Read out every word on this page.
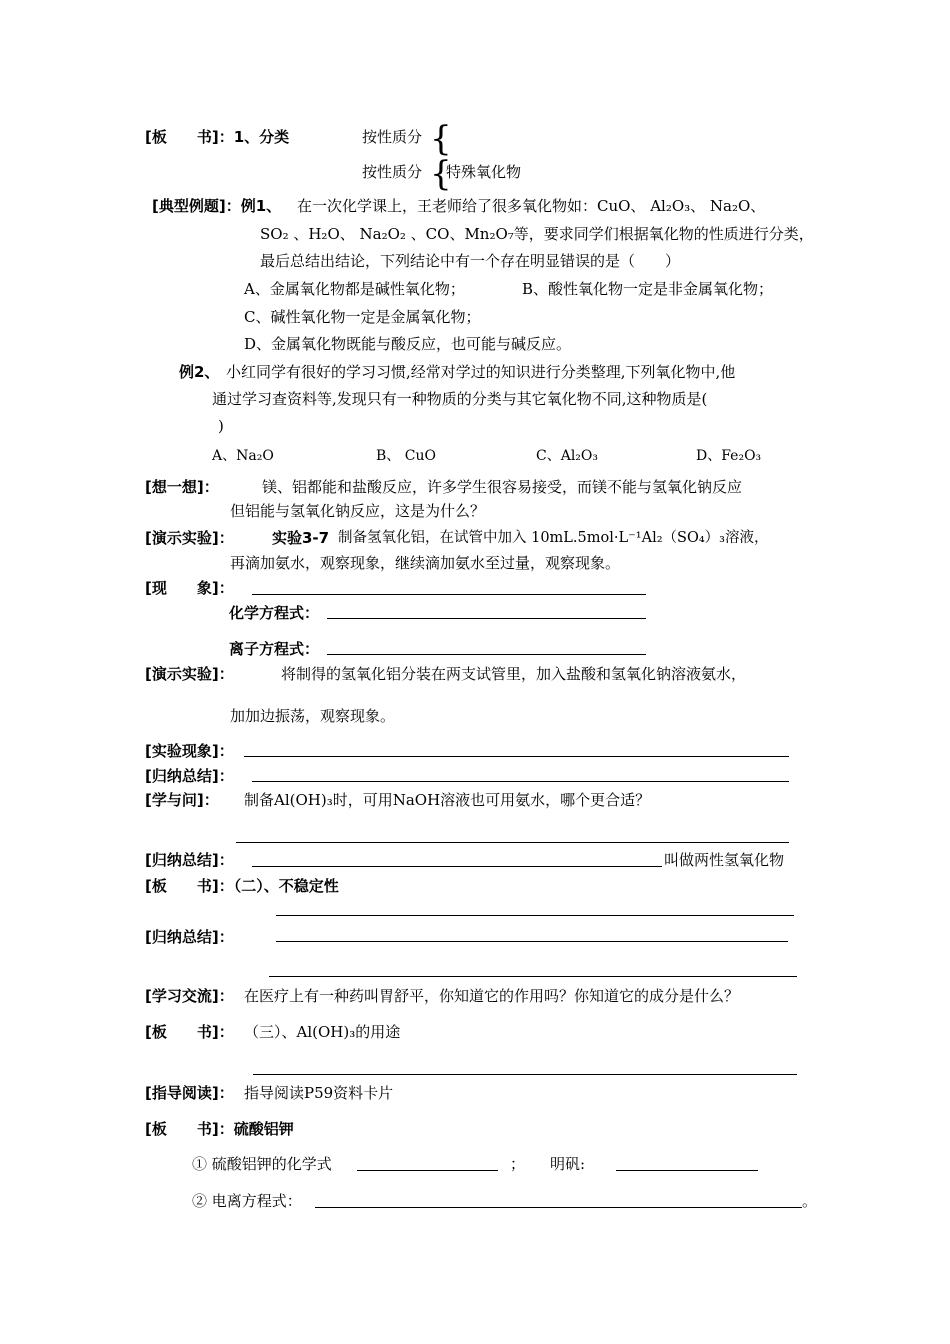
[板　　书]：1、分类	按性质分 {
按性质分 {
特殊氧化物
[典型例题]：例1、 在一次化学课上，王老师给了很多氧化物如：CuO、 Al₂O₃、 Na₂O、
SO₂ 、H₂O、 Na₂O₂ 、CO、Mn₂O₇等，要求同学们根据氧化物的性质进行分类，
最后总结出结论，下列结论中有一个存在明显错误的是（　　）
A、金属氧化物都是碱性氧化物；	B、酸性氧化物一定是非金属氧化物；
C、碱性氧化物一定是金属氧化物；
D、金属氧化物既能与酸反应，也可能与碱反应。
例2、 小红同学有很好的学习习惯,经常对学过的知识进行分类整理,下列氧化物中,他
通过学习查资料等,发现只有一种物质的分类与其它氧化物不同,这种物质是(
)
A、Na₂O	B、 CuO	C、Al₂O₃	D、Fe₂O₃
[想一想]：	镁、铝都能和盐酸反应，许多学生很容易接受，而镁不能与氢氧化钠反应
但铝能与氢氧化钠反应，这是为什么？
[演示实验]：	实验3-7 制备氢氧化铝，在试管中加入 10mL.5mol·L⁻¹Al₂（SO₄）₃溶液，
再滴加氨水，观察现象，继续滴加氨水至过量，观察现象。
[现　　象]：
化学方程式：
离子方程式：
[演示实验]：	将制得的氢氧化铝分装在两支试管里，加入盐酸和氢氧化钠溶液氨水，
加加边振荡，观察现象。
[实验现象]：
[归纳总结]：
[学与问]： 制备Al(OH)₃时，可用NaOH溶液也可用氨水，哪个更合适？
[归纳总结]：	叫做两性氢氧化物
[板　　书]：（二）、不稳定性
[归纳总结]：
[学习交流]： 在医疗上有一种药叫胃舒平，你知道它的作用吗？你知道它的成分是什么？
[板　　书]： （三）、Al(OH)₃的用途
[指导阅读]： 指导阅读P59资料卡片
[板　　书]：硫酸铝钾
① 硫酸铝钾的化学式	； 明矾:
② 电离方程式：	。
